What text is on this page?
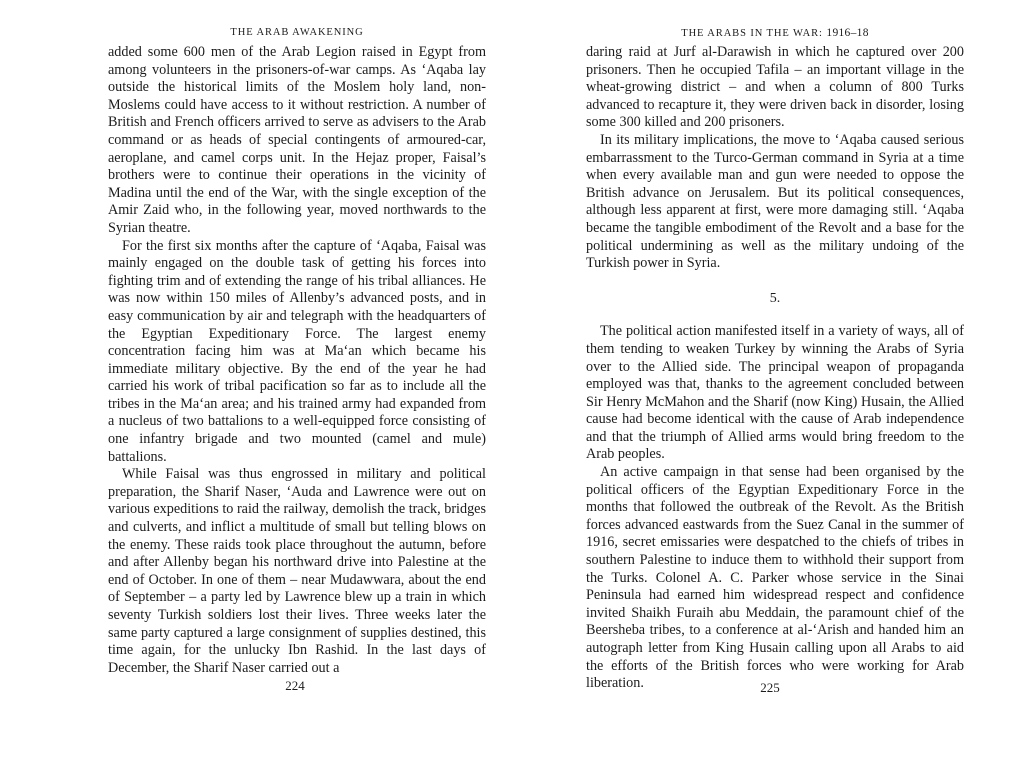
THE ARAB AWAKENING

added some 600 men of the Arab Legion raised in Egypt from among volunteers in the prisoners-of-war camps. As ‘Aqaba lay outside the historical limits of the Moslem holy land, non-Moslems could have access to it without restriction. A number of British and French officers arrived to serve as advisers to the Arab command or as heads of special contingents of armoured-car, aeroplane, and camel corps unit. In the Hejaz proper, Faisal’s brothers were to continue their operations in the vicinity of Madina until the end of the War, with the single exception of the Amir Zaid who, in the following year, moved northwards to the Syrian theatre.

For the first six months after the capture of ‘Aqaba, Faisal was mainly engaged on the double task of getting his forces into fighting trim and of extending the range of his tribal alliances. He was now within 150 miles of Allenby’s advanced posts, and in easy communication by air and telegraph with the headquarters of the Egyptian Expeditionary Force. The largest enemy concentration facing him was at Ma‘an which became his immediate military objective. By the end of the year he had carried his work of tribal pacification so far as to include all the tribes in the Ma‘an area; and his trained army had expanded from a nucleus of two battalions to a well-equipped force consisting of one infantry brigade and two mounted (camel and mule) battalions.

While Faisal was thus engrossed in military and political preparation, the Sharif Naser, ‘Auda and Lawrence were out on various expeditions to raid the railway, demolish the track, bridges and culverts, and inflict a multitude of small but telling blows on the enemy. These raids took place throughout the autumn, before and after Allenby began his northward drive into Palestine at the end of October. In one of them – near Mudawwara, about the end of September – a party led by Lawrence blew up a train in which seventy Turkish soldiers lost their lives. Three weeks later the same party captured a large consignment of supplies destined, this time again, for the unlucky Ibn Rashid. In the last days of December, the Sharif Naser carried out a

224
THE ARABS IN THE WAR: 1916–18

daring raid at Jurf al-Darawish in which he captured over 200 prisoners. Then he occupied Tafila – an important village in the wheat-growing district – and when a column of 800 Turks advanced to recapture it, they were driven back in disorder, losing some 300 killed and 200 prisoners.

In its military implications, the move to ‘Aqaba caused serious embarrassment to the Turco-German command in Syria at a time when every available man and gun were needed to oppose the British advance on Jerusalem. But its political consequences, although less apparent at first, were more damaging still. ‘Aqaba became the tangible embodiment of the Revolt and a base for the political undermining as well as the military undoing of the Turkish power in Syria.

5.

The political action manifested itself in a variety of ways, all of them tending to weaken Turkey by winning the Arabs of Syria over to the Allied side. The principal weapon of propaganda employed was that, thanks to the agreement concluded between Sir Henry McMahon and the Sharif (now King) Husain, the Allied cause had become identical with the cause of Arab independence and that the triumph of Allied arms would bring freedom to the Arab peoples.

An active campaign in that sense had been organised by the political officers of the Egyptian Expeditionary Force in the months that followed the outbreak of the Revolt. As the British forces advanced eastwards from the Suez Canal in the summer of 1916, secret emissaries were despatched to the chiefs of tribes in southern Palestine to induce them to withhold their support from the Turks. Colonel A. C. Parker whose service in the Sinai Peninsula had earned him widespread respect and confidence invited Shaikh Furaih abu Meddain, the paramount chief of the Beersheba tribes, to a conference at al-‘Arish and handed him an autograph letter from King Husain calling upon all Arabs to aid the efforts of the British forces who were working for Arab liberation.	225
